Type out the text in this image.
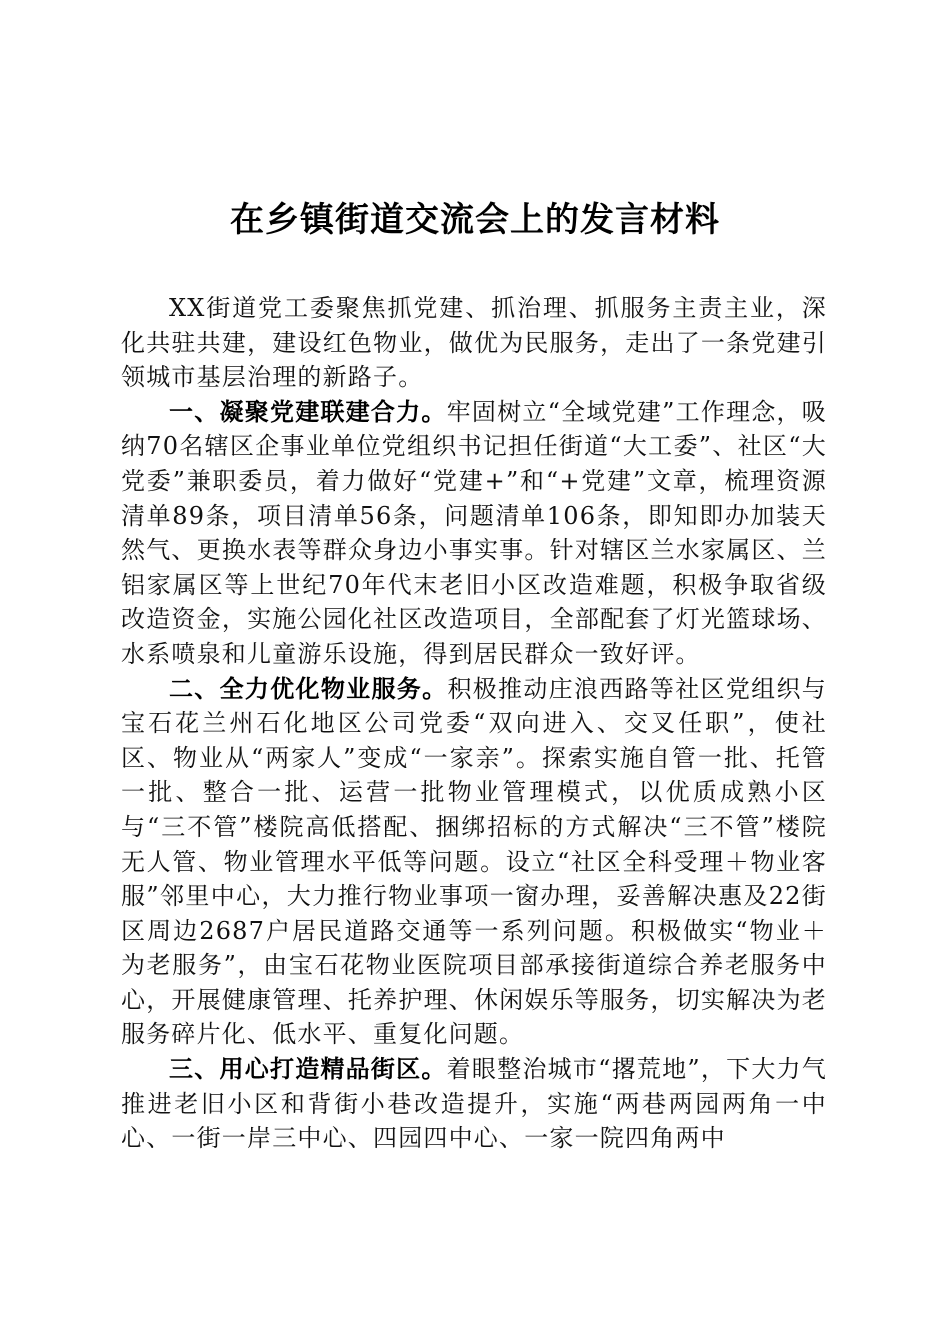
在乡镇街道交流会上的发言材料

XX街道党工委聚焦抓党建、抓治理、抓服务主责主业，深化共驻共建，建设红色物业，做优为民服务，走出了一条党建引领城市基层治理的新路子。

一、凝聚党建联建合力。牢固树立“全域党建”工作理念，吸纳70名辖区企事业单位党组织书记担任街道“大工委”、社区“大党委”兼职委员，着力做好“党建+”和“+党建”文章，梳理资源清单89条，项目清单56条，问题清单106条，即知即办加装天然气、更换水表等群众身边小事实事。针对辖区兰水家属区、兰铝家属区等上世纪70年代末老旧小区改造难题，积极争取省级改造资金，实施公园化社区改造项目，全部配套了灯光篮球场、水系喷泉和儿童游乐设施，得到居民群众一致好评。

二、全力优化物业服务。积极推动庄浪西路等社区党组织与宝石花兰州石化地区公司党委“双向进入、交叉任职”，使社区、物业从“两家人”变成“一家亲”。探索实施自管一批、托管一批、整合一批、运营一批物业管理模式，以优质成熟小区与“三不管”楼院高低搭配、捆绑招标的方式解决“三不管”楼院无人管、物业管理水平低等问题。设立“社区全科受理＋物业客服”邻里中心，大力推行物业事项一窗办理，妥善解决惠及22街区周边2687户居民道路交通等一系列问题。积极做实“物业＋为老服务”，由宝石花物业医院项目部承接街道综合养老服务中心，开展健康管理、托养护理、休闲娱乐等服务，切实解决为老服务碎片化、低水平、重复化问题。

三、用心打造精品街区。着眼整治城市“撂荒地”，下大力气推进老旧小区和背街小巷改造提升，实施“两巷两园两角一中心、一街一岸三中心、四园四中心、一家一院四角两中
